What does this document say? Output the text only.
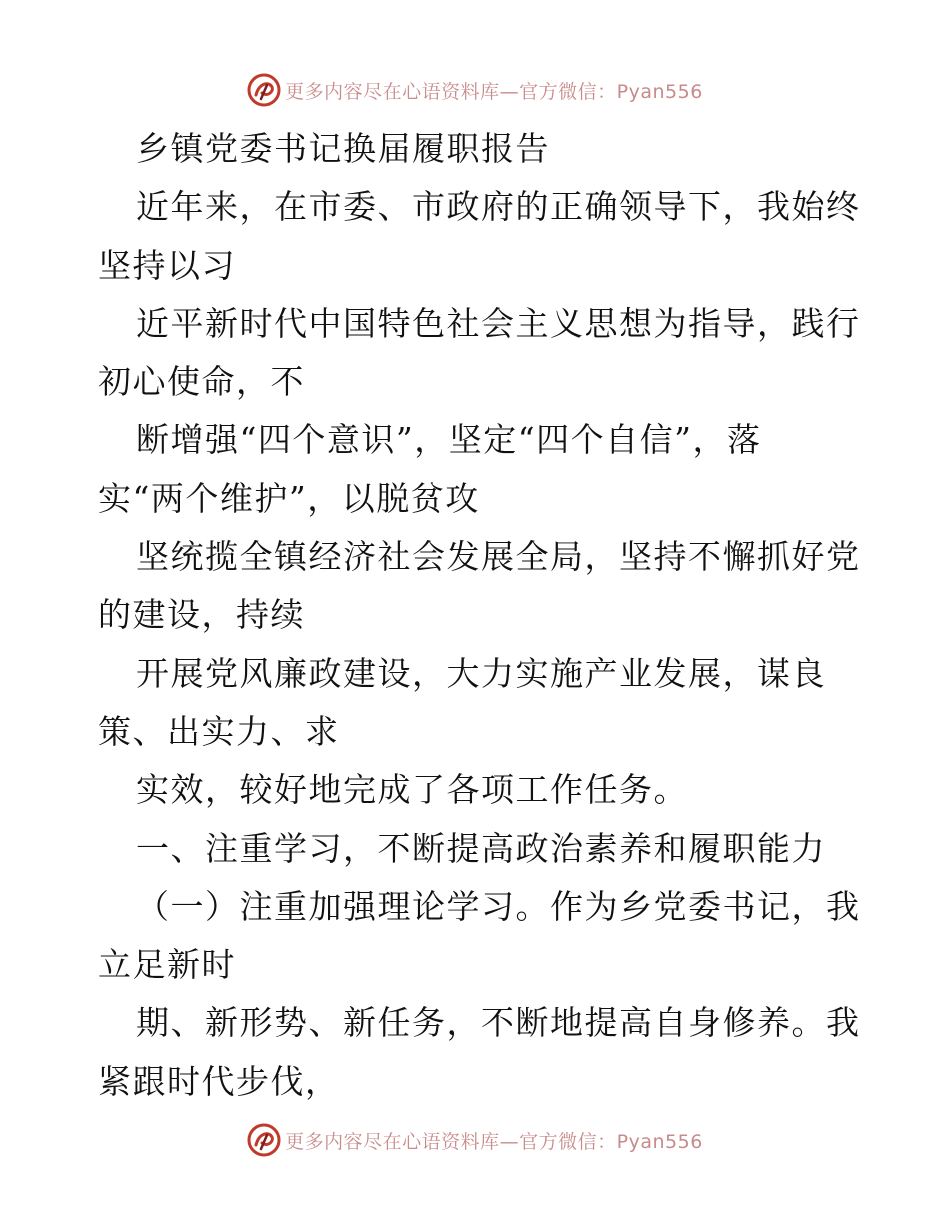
更多内容尽在心语资料库—官方微信：Pyan556
乡镇党委书记换届履职报告
近年来，在市委、市政府的正确领导下，我始终
坚持以习
近平新时代中国特色社会主义思想为指导，践行
初心使命，不
断增强“四个意识”，坚定“四个自信”，落
实“两个维护”，以脱贫攻
坚统揽全镇经济社会发展全局，坚持不懈抓好党
的建设，持续
开展党风廉政建设，大力实施产业发展，谋良
策、出实力、求
实效，较好地完成了各项工作任务。
一、注重学习，不断提高政治素养和履职能力
（一）注重加强理论学习。作为乡党委书记，我
立足新时
期、新形势、新任务，不断地提高自身修养。我
紧跟时代步伐，
更多内容尽在心语资料库—官方微信：Pyan556
